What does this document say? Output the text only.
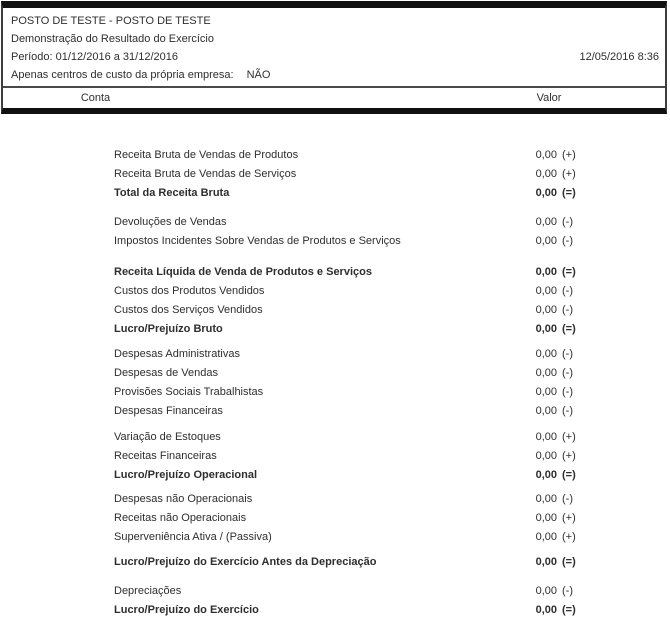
POSTO DE TESTE - POSTO DE TESTE
Demonstração do Resultado do Exercício
Período: 01/12/2016 a 31/12/2016	12/05/2016 8:36
Apenas centros de custo da própria empresa: NÃO
Conta	Valor
Receita Bruta de Vendas de Produtos	0,00 (+)
Receita Bruta de Vendas de Serviços	0,00 (+)
Total da Receita Bruta	0,00 (=)
Devoluções de Vendas	0,00 (-)
Impostos Incidentes Sobre Vendas de Produtos e Serviços	0,00 (-)
Receita Líquida de Venda de Produtos e Serviços	0,00 (=)
Custos dos Produtos Vendidos	0,00 (-)
Custos dos Serviços Vendidos	0,00 (-)
Lucro/Prejuízo Bruto	0,00 (=)
Despesas Administrativas	0,00 (-)
Despesas de Vendas	0,00 (-)
Provisões Sociais Trabalhistas	0,00 (-)
Despesas Financeiras	0,00 (-)
Variação de Estoques	0,00 (+)
Receitas Financeiras	0,00 (+)
Lucro/Prejuízo Operacional	0,00 (=)
Despesas não Operacionais	0,00 (-)
Receitas não Operacionais	0,00 (+)
Superveniência Ativa / (Passiva)	0,00 (+)
Lucro/Prejuízo do Exercício Antes da Depreciação	0,00 (=)
Depreciações	0,00 (-)
Lucro/Prejuízo do Exercício	0,00 (=)
